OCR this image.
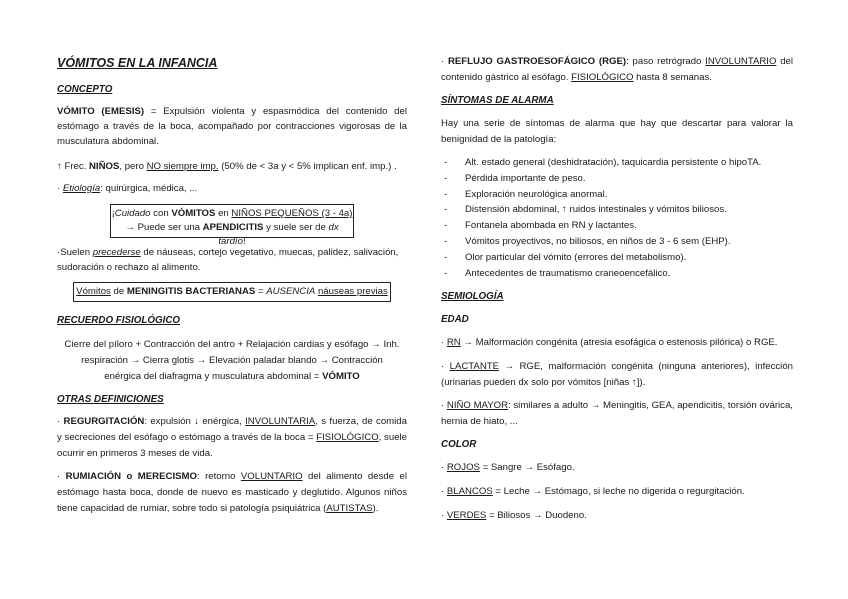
VÓMITOS EN LA INFANCIA
CONCEPTO
VÓMITO (EMESIS) = Expulsión violenta y espasmódica del contenido del estómago a través de la boca, acompañado por contracciones vigorosas de la musculatura abdominal.
↑ Frec. NIÑOS, pero NO siempre imp. (50% de < 3a y < 5% implican enf. imp.) .
· Etiología: quirúrgica, médica, ...
¡Cuidado con VÓMITOS en NIÑOS PEQUEÑOS (3 - 4a)
→ Puede ser una APENDICITIS y suele ser de dx tardío!
·Suelen precederse de náuseas, cortejo vegetativo, muecas, palidez, salivación, sudoración o rechazo al alimento.
Vómitos de MENINGITIS BACTERIANAS = AUSENCIA náuseas previas
RECUERDO FISIOLÓGICO
Cierre del píloro + Contracción del antro + Relajación cardias y esófago → Inh.
respiración → Cierra glotis → Elevación paladar blando → Contracción
enérgica del diafragma y musculatura abdominal = VÓMITO
OTRAS DEFINICIONES
· REGURGITACIÓN: expulsión ↓ enérgica, INVOLUNTARIA, s fuerza, de comida y secreciones del esófago o estómago a través de la boca = FISIOLÓGICO, suele ocurrir en primeros 3 meses de vida.
· RUMIACIÓN o MERECISMO: retorno VOLUNTARIO del alimento desde el estómago hasta boca, donde de nuevo es masticado y deglutido. Algunos niños tiene capacidad de rumiar, sobre todo si patología psiquiátrica (AUTISTAS).
· REFLUJO GASTROESOFÁGICO (RGE): paso retrógrado INVOLUNTARIO del contenido gástrico al esófago. FISIOLÓGICO hasta 8 semanas.
SÍNTOMAS DE ALARMA
Hay una serie de síntomas de alarma que hay que descartar para valorar la benignidad de la patología:
- Alt. estado general (deshidratación), taquicardia persistente o hipoTA.
- Pérdida importante de peso.
- Exploración neurológica anormal.
- Distensión abdominal, ↑ ruidos intestinales y vómitos biliosos.
- Fontanela abombada en RN y lactantes.
- Vómitos proyectivos, no biliosos, en niños de 3 - 6 sem (EHP).
- Olor particular del vómito (errores del metabolismo).
- Antecedentes de traumatismo craneoencefálico.
SEMIOLOGÍA
EDAD
· RN → Malformación congénita (atresia esofágica o estenosis pilórica) o RGE.
· LACTANTE → RGE, malformación congénita (ninguna anteriores), infección (urinarias pueden dx solo por vómitos [niñas ↑]).
· NIÑO MAYOR: similares a adulto → Meningitis, GEA, apendicitis, torsión ovárica, hernia de hiato, ...
COLOR
· ROJOS = Sangre → Esófago.
· BLANCOS = Leche → Estómago, si leche no digerida o regurgitación.
· VERDES = Biliosos → Duodeno.
